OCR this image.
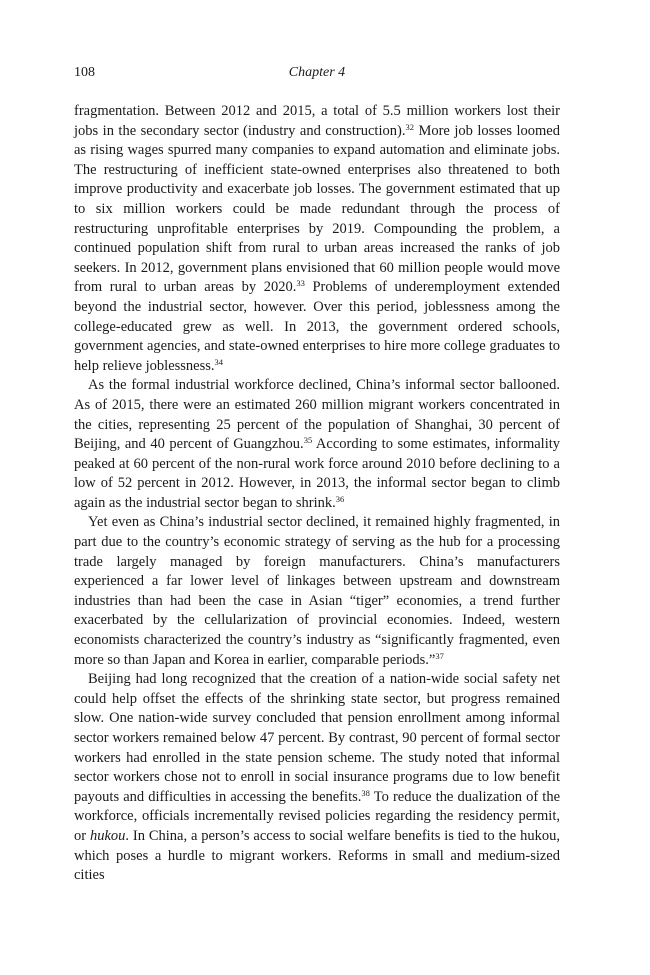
108	Chapter 4

fragmentation. Between 2012 and 2015, a total of 5.5 million workers lost their jobs in the secondary sector (industry and construction).$^{32}$ More job losses loomed as rising wages spurred many companies to expand automation and eliminate jobs. The restructuring of inefficient state-owned enterprises also threatened to both improve productivity and exacerbate job losses. The government estimated that up to six million workers could be made redundant through the process of restructuring unprofitable enterprises by 2019. Compounding the problem, a continued population shift from rural to urban areas increased the ranks of job seekers. In 2012, government plans envisioned that 60 million people would move from rural to urban areas by 2020.33 Problems of underemployment extended beyond the industrial sector, however. Over this period, joblessness among the college-educated grew as well. In 2013, the government ordered schools, government agencies, and state-owned enterprises to hire more college graduates to help relieve joblessness.$^{34}$

As the formal industrial workforce declined, China’s informal sector ballooned. As of 2015, there were an estimated 260 million migrant workers concentrated in the cities, representing 25 percent of the population of Shanghai, 30 percent of Beijing, and 40 percent of Guangzhou.$^{35}$ According to some estimates, informality peaked at 60 percent of the non-rural work force around 2010 before declining to a low of 52 percent in 2012. However, in 2013, the informal sector began to climb again as the industrial sector began to shrink.$^{36}$

Yet even as China’s industrial sector declined, it remained highly fragmented, in part due to the country’s economic strategy of serving as the hub for a processing trade largely managed by foreign manufacturers. China’s manufacturers experienced a far lower level of linkages between upstream and downstream industries than had been the case in Asian “tiger” economies, a trend further exacerbated by the cellularization of provincial economies. Indeed, western economists characterized the country’s industry as “significantly fragmented, even more so than Japan and Korea in earlier, comparable periods.”$^{37}$

Beijing had long recognized that the creation of a nation-wide social safety net could help offset the effects of the shrinking state sector, but progress remained slow. One nation-wide survey concluded that pension enrollment among informal sector workers remained below 47 percent. By contrast, 90 percent of formal sector workers had enrolled in the state pension scheme. The study noted that informal sector workers chose not to enroll in social insurance programs due to low benefit payouts and difficulties in accessing the benefits.$^{38}$ To reduce the dualization of the workforce, officials incrementally revised policies regarding the residency permit, or hukou. In China, a person’s access to social welfare benefits is tied to the hukou, which poses a hurdle to migrant workers. Reforms in small and medium-sized cities
